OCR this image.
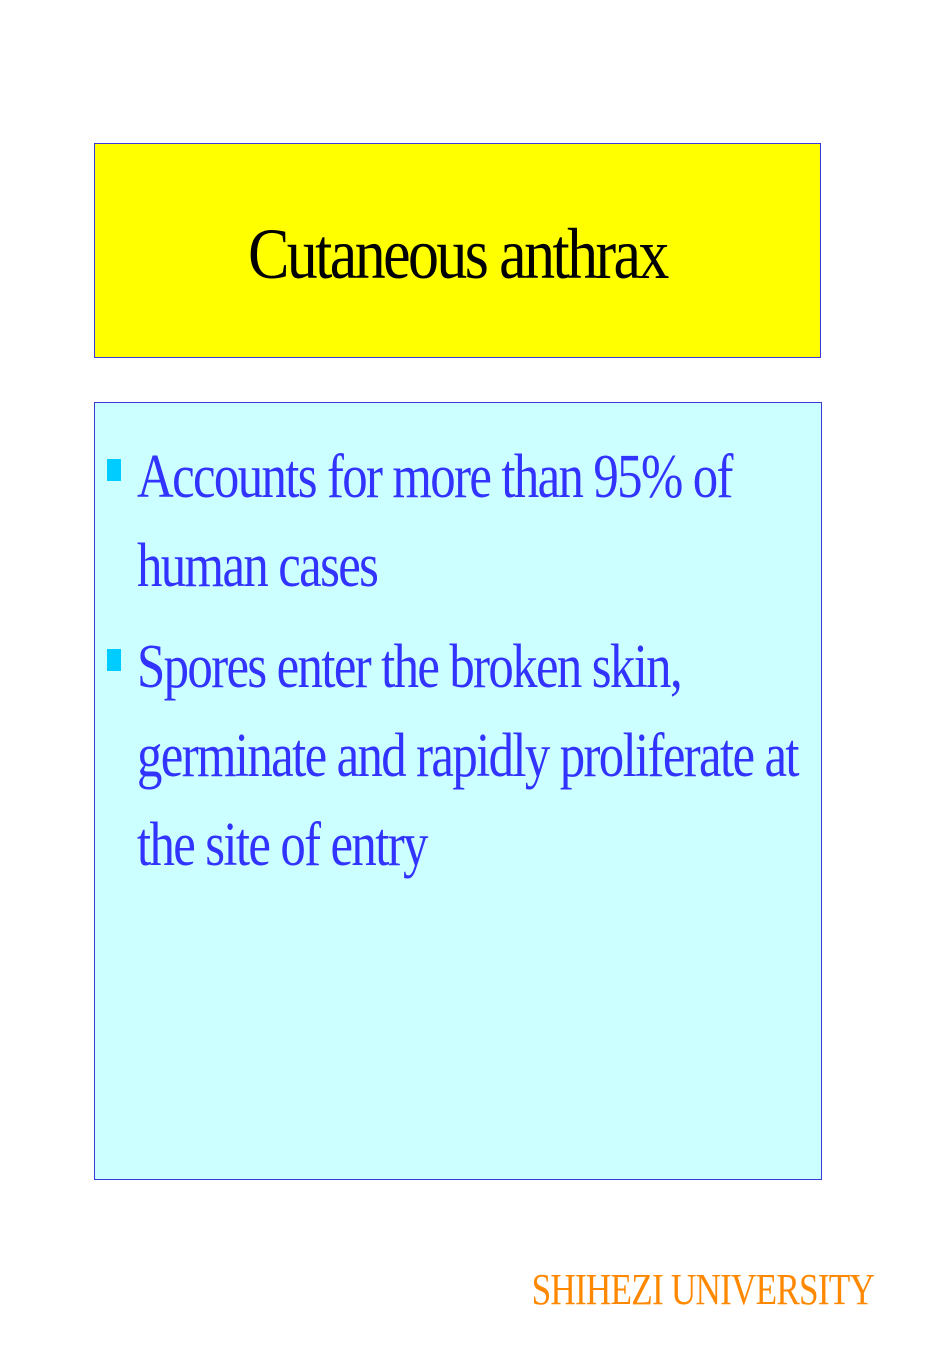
Cutaneous anthrax
Accounts for more than 95% of human cases
Spores enter the broken skin, germinate and rapidly proliferate at the site of entry
SHIHEZI UNIVERSITY
